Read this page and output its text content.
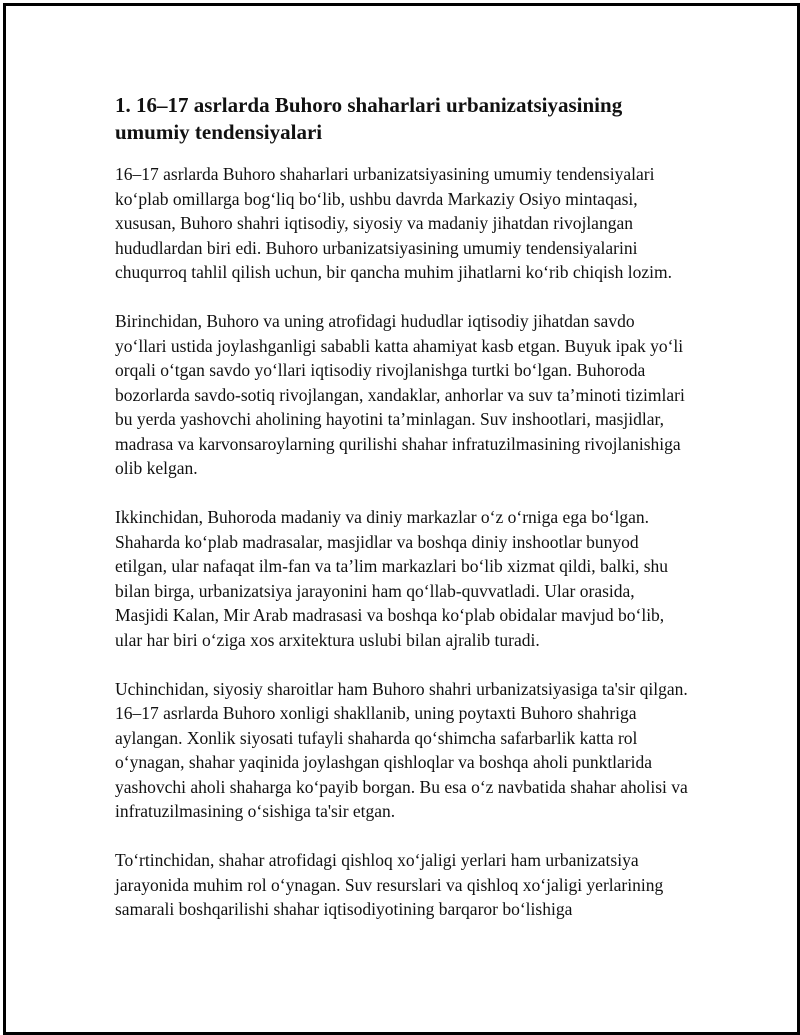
1. 16–17 asrlarda Buhoro shaharlari urbanizatsiyasining umumiy tendensiyalari

16–17 asrlarda Buhoro shaharlari urbanizatsiyasining umumiy tendensiyalari ko‘plab omillarga bog‘liq bo‘lib, ushbu davrda Markaziy Osiyo mintaqasi, xususan, Buhoro shahri iqtisodiy, siyosiy va madaniy jihatdan rivojlangan hududlardan biri edi. Buhoro urbanizatsiyasining umumiy tendensiyalarini chuqurroq tahlil qilish uchun, bir qancha muhim jihatlarni ko‘rib chiqish lozim.

Birinchidan, Buhoro va uning atrofidagi hududlar iqtisodiy jihatdan savdo yo‘llari ustida joylashganligi sababli katta ahamiyat kasb etgan. Buyuk ipak yo‘li orqali o‘tgan savdo yo‘llari iqtisodiy rivojlanishga turtki bo‘lgan. Buhoroda bozorlarda savdo-sotiq rivojlangan, xandaklar, anhorlar va suv ta’minoti tizimlari bu yerda yashovchi aholining hayotini ta’minlagan. Suv inshootlari, masjidlar, madrasa va karvonsaroylarning qurilishi shahar infratuzilmasining rivojlanishiga olib kelgan.

Ikkinchidan, Buhoroda madaniy va diniy markazlar o‘z o‘rniga ega bo‘lgan. Shaharda ko‘plab madrasalar, masjidlar va boshqa diniy inshootlar bunyod etilgan, ular nafaqat ilm-fan va ta’lim markazlari bo‘lib xizmat qildi, balki, shu bilan birga, urbanizatsiya jarayonini ham qo‘llab-quvvatladi. Ular orasida, Masjidi Kalan, Mir Arab madrasasi va boshqa ko‘plab obidalar mavjud bo‘lib, ular har biri o‘ziga xos arxitektura uslubi bilan ajralib turadi.

Uchinchidan, siyosiy sharoitlar ham Buhoro shahri urbanizatsiyasiga ta'sir qilgan. 16–17 asrlarda Buhoro xonligi shakllanib, uning poytaxti Buhoro shahriga aylangan. Xonlik siyosati tufayli shaharda qo‘shimcha safarbarlik katta rol o‘ynagan, shahar yaqinida joylashgan qishloqlar va boshqa aholi punktlarida yashovchi aholi shaharga ko‘payib borgan. Bu esa o‘z navbatida shahar aholisi va infratuzilmasining o‘sishiga ta'sir etgan.

To‘rtinchidan, shahar atrofidagi qishloq xo‘jaligi yerlari ham urbanizatsiya jarayonida muhim rol o‘ynagan. Suv resurslari va qishloq xo‘jaligi yerlarining samarali boshqarilishi shahar iqtisodiyotining barqaror bo‘lishiga
